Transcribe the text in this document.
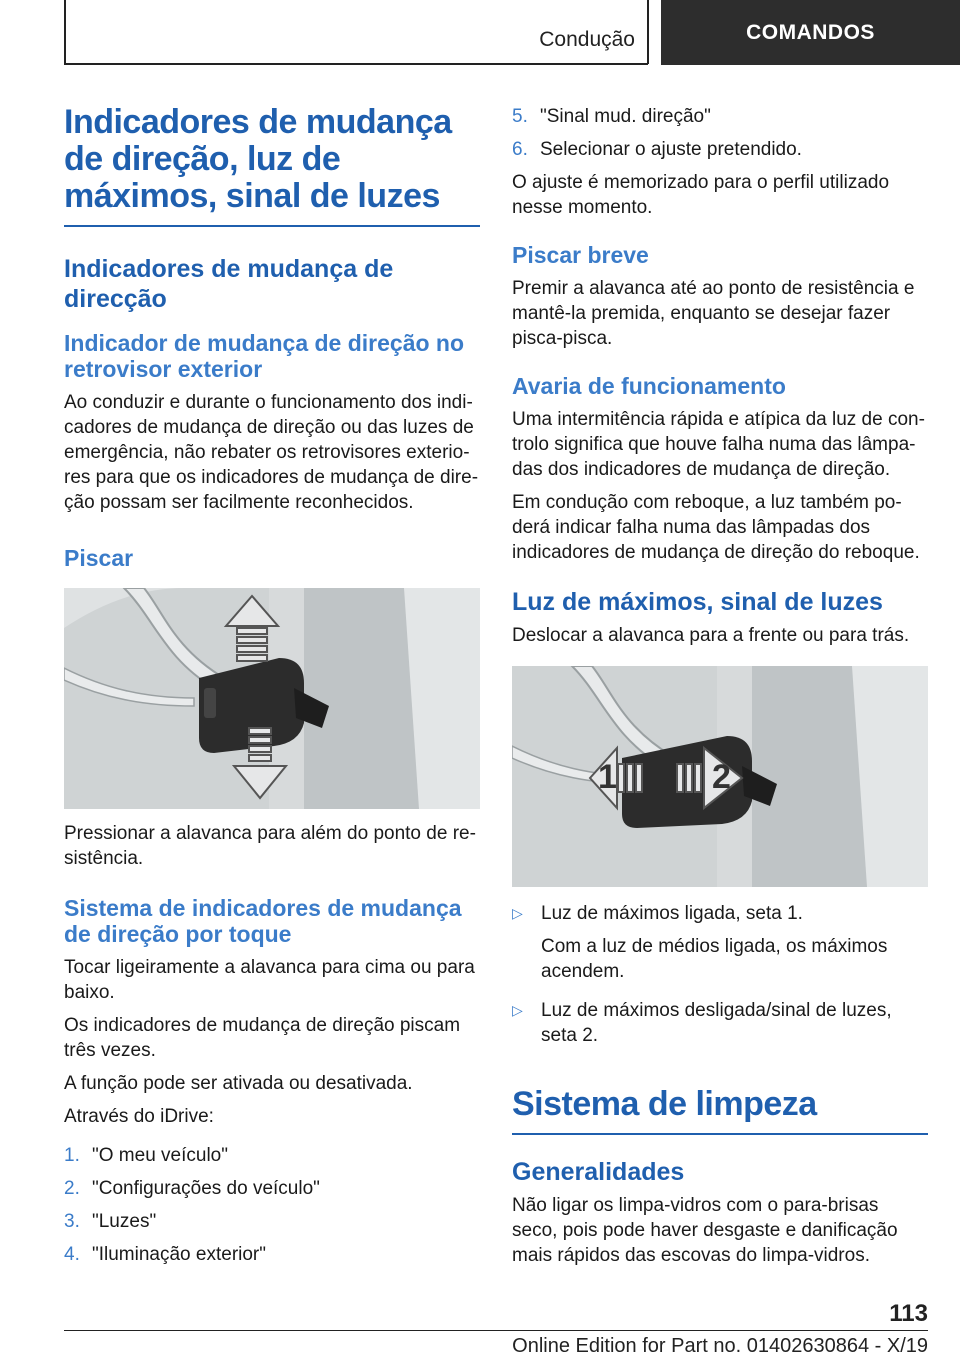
Condução	COMANDOS
Indicadores de mudança de direção, luz de máximos, sinal de luzes
Indicadores de mudança de direcção
Indicador de mudança de direção no retrovisor exterior

Ao conduzir e durante o funcionamento dos indicadores de mudança de direção ou das luzes de emergência, não rebater os retrovisores exteriores para que os indicadores de mudança de direção possam ser facilmente reconhecidos.

Piscar

Pressionar a alavanca para além do ponto de resistência.

Sistema de indicadores de mudança de direção por toque

Tocar ligeiramente a alavanca para cima ou para baixo.

Os indicadores de mudança de direção piscam três vezes.

A função pode ser ativada ou desativada.

Através do iDrive:

1. "O meu veículo"
2. "Configurações do veículo"
3. "Luzes"
4. "Iluminação exterior"
5. "Sinal mud. direção"
6. Selecionar o ajuste pretendido.

O ajuste é memorizado para o perfil utilizado nesse momento.

Piscar breve

Premir a alavanca até ao ponto de resistência e mantê-la premida, enquanto se desejar fazer pisca-pisca.

Avaria de funcionamento

Uma intermitência rápida e atípica da luz de controlo significa que houve falha numa das lâmpadas dos indicadores de mudança de direção.

Em condução com reboque, a luz também poderá indicar falha numa das lâmpadas dos indicadores de mudança de direção do reboque.

Luz de máximos, sinal de luzes

Deslocar a alavanca para a frente ou para trás.

1	2
▷ Luz de máximos ligada, seta 1.
Com a luz de médios ligada, os máximos acendem.
▷ Luz de máximos desligada/sinal de luzes, seta 2.
Sistema de limpeza
Generalidades

Não ligar os limpa-vidros com o para-brisas seco, pois pode haver desgaste e danificação mais rápidos das escovas do limpa-vidros.

113
Online Edition for Part no. 01402630864 - X/19
